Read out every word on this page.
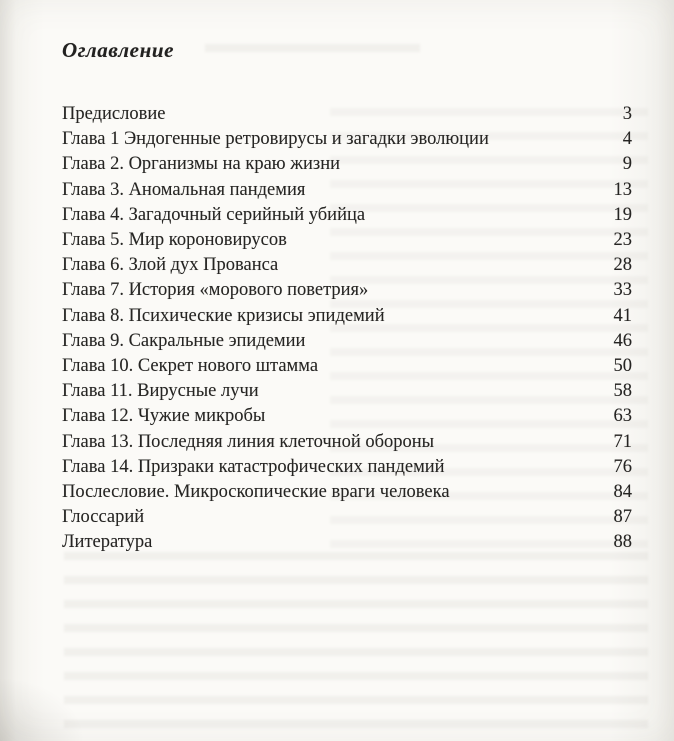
Оглавление
Предисловие	3
Глава 1 Эндогенные ретровирусы и загадки эволюции	4
Глава 2. Организмы на краю жизни	9
Глава 3. Аномальная пандемия	13
Глава 4. Загадочный серийный убийца	19
Глава 5. Мир короновирусов	23
Глава 6. Злой дух Прованса	28
Глава 7. История «морового поветрия»	33
Глава 8. Психические кризисы эпидемий	41
Глава 9. Сакральные эпидемии	46
Глава 10. Секрет нового штамма	50
Глава 11. Вирусные лучи	58
Глава 12. Чужие микробы	63
Глава 13. Последняя линия клеточной обороны	71
Глава 14. Призраки катастрофических пандемий	76
Послесловие. Микроскопические враги человека	84
Глоссарий	87
Литература	88
